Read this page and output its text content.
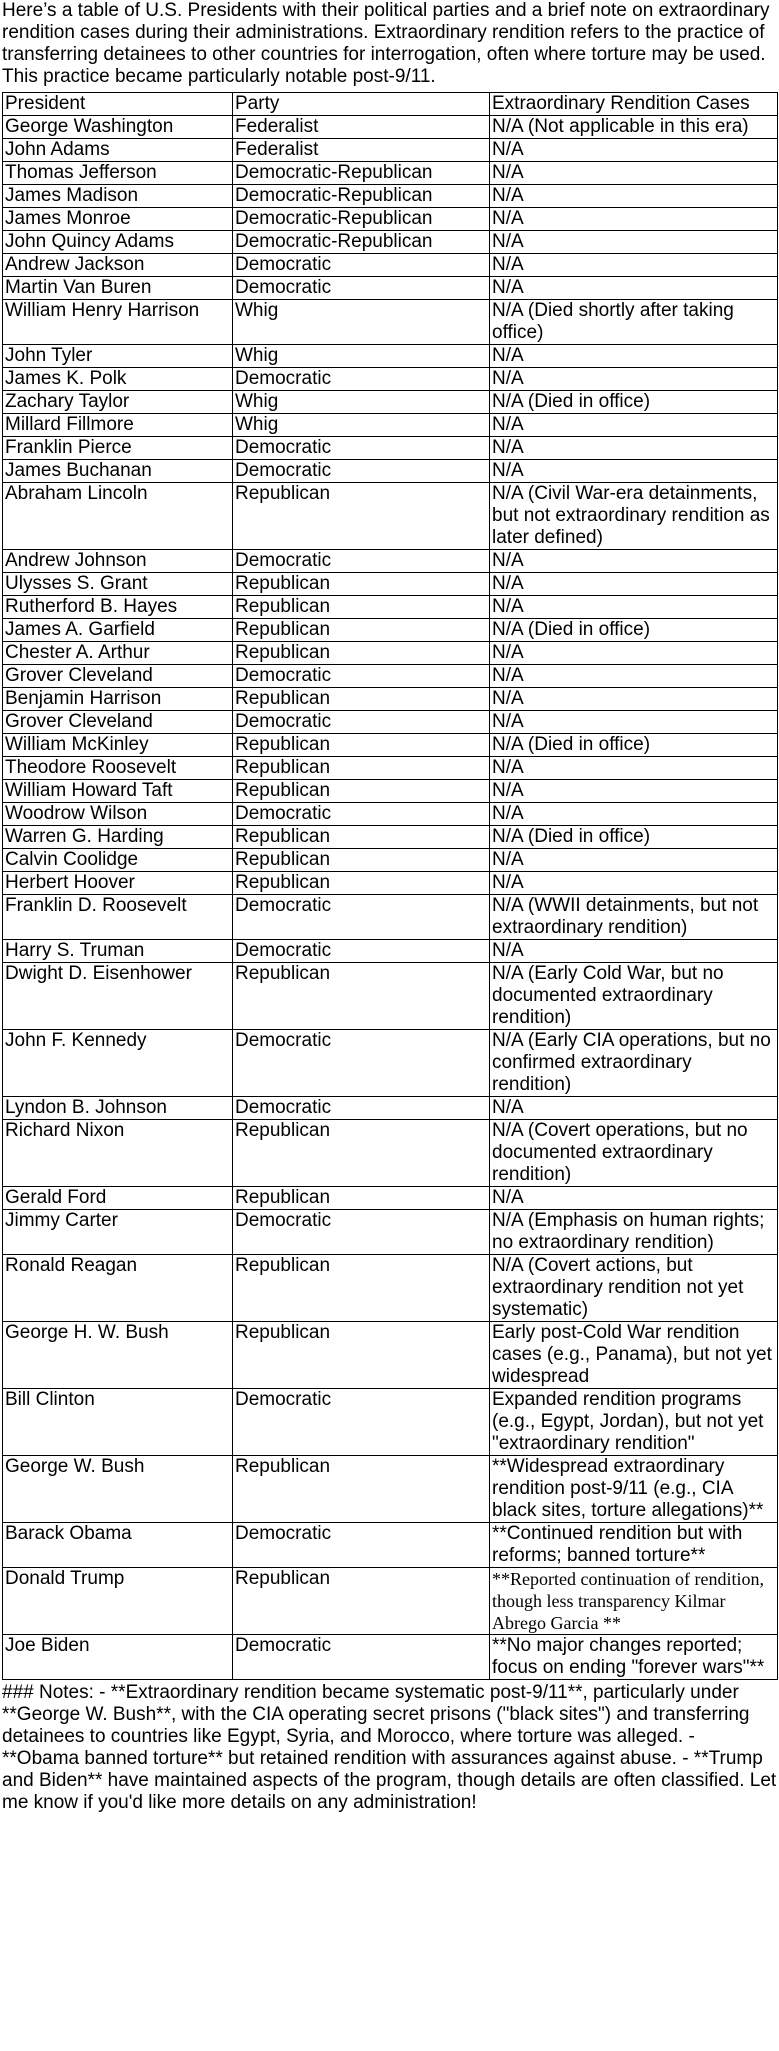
Here’s a table of U.S. Presidents with their political parties and a brief note on extraordinary rendition cases during their administrations. Extraordinary rendition refers to the practice of transferring detainees to other countries for interrogation, often where torture may be used. This practice became particularly notable post-9/11.

President	Party	Extraordinary Rendition Cases
George Washington	Federalist	N/A (Not applicable in this era)
John Adams	Federalist	N/A
Thomas Jefferson	Democratic-Republican	N/A
James Madison	Democratic-Republican	N/A
James Monroe	Democratic-Republican	N/A
John Quincy Adams	Democratic-Republican	N/A
Andrew Jackson	Democratic	N/A
Martin Van Buren	Democratic	N/A
William Henry Harrison	Whig	N/A (Died shortly after taking office)
John Tyler	Whig	N/A
James K. Polk	Democratic	N/A
Zachary Taylor	Whig	N/A (Died in office)
Millard Fillmore	Whig	N/A
Franklin Pierce	Democratic	N/A
James Buchanan	Democratic	N/A
Abraham Lincoln	Republican	N/A (Civil War-era detainments, but not extraordinary rendition as later defined)
Andrew Johnson	Democratic	N/A
Ulysses S. Grant	Republican	N/A
Rutherford B. Hayes	Republican	N/A
James A. Garfield	Republican	N/A (Died in office)
Chester A. Arthur	Republican	N/A
Grover Cleveland	Democratic	N/A
Benjamin Harrison	Republican	N/A
Grover Cleveland	Democratic	N/A
William McKinley	Republican	N/A (Died in office)
Theodore Roosevelt	Republican	N/A
William Howard Taft	Republican	N/A
Woodrow Wilson	Democratic	N/A
Warren G. Harding	Republican	N/A (Died in office)
Calvin Coolidge	Republican	N/A
Herbert Hoover	Republican	N/A
Franklin D. Roosevelt	Democratic	N/A (WWII detainments, but not extraordinary rendition)
Harry S. Truman	Democratic	N/A
Dwight D. Eisenhower	Republican	N/A (Early Cold War, but no documented extraordinary rendition)
John F. Kennedy	Democratic	N/A (Early CIA operations, but no confirmed extraordinary rendition)
Lyndon B. Johnson	Democratic	N/A
Richard Nixon	Republican	N/A (Covert operations, but no documented extraordinary rendition)
Gerald Ford	Republican	N/A
Jimmy Carter	Democratic	N/A (Emphasis on human rights; no extraordinary rendition)
Ronald Reagan	Republican	N/A (Covert actions, but extraordinary rendition not yet systematic)
George H. W. Bush	Republican	Early post-Cold War rendition cases (e.g., Panama), but not yet widespread
Bill Clinton	Democratic	Expanded rendition programs (e.g., Egypt, Jordan), but not yet "extraordinary rendition"
George W. Bush	Republican	**Widespread extraordinary rendition post-9/11 (e.g., CIA black sites, torture allegations)**
Barack Obama	Democratic	**Continued rendition but with reforms; banned torture**
Donald Trump	Republican	**Reported continuation of rendition, though less transparency Kilmar Abrego Garcia **
Joe Biden	Democratic	**No major changes reported; focus on ending "forever wars"**

### Notes: - **Extraordinary rendition became systematic post-9/11**, particularly under **George W. Bush**, with the CIA operating secret prisons ("black sites") and transferring detainees to countries like Egypt, Syria, and Morocco, where torture was alleged. - **Obama banned torture** but retained rendition with assurances against abuse. - **Trump and Biden** have maintained aspects of the program, though details are often classified. Let me know if you'd like more details on any administration!
